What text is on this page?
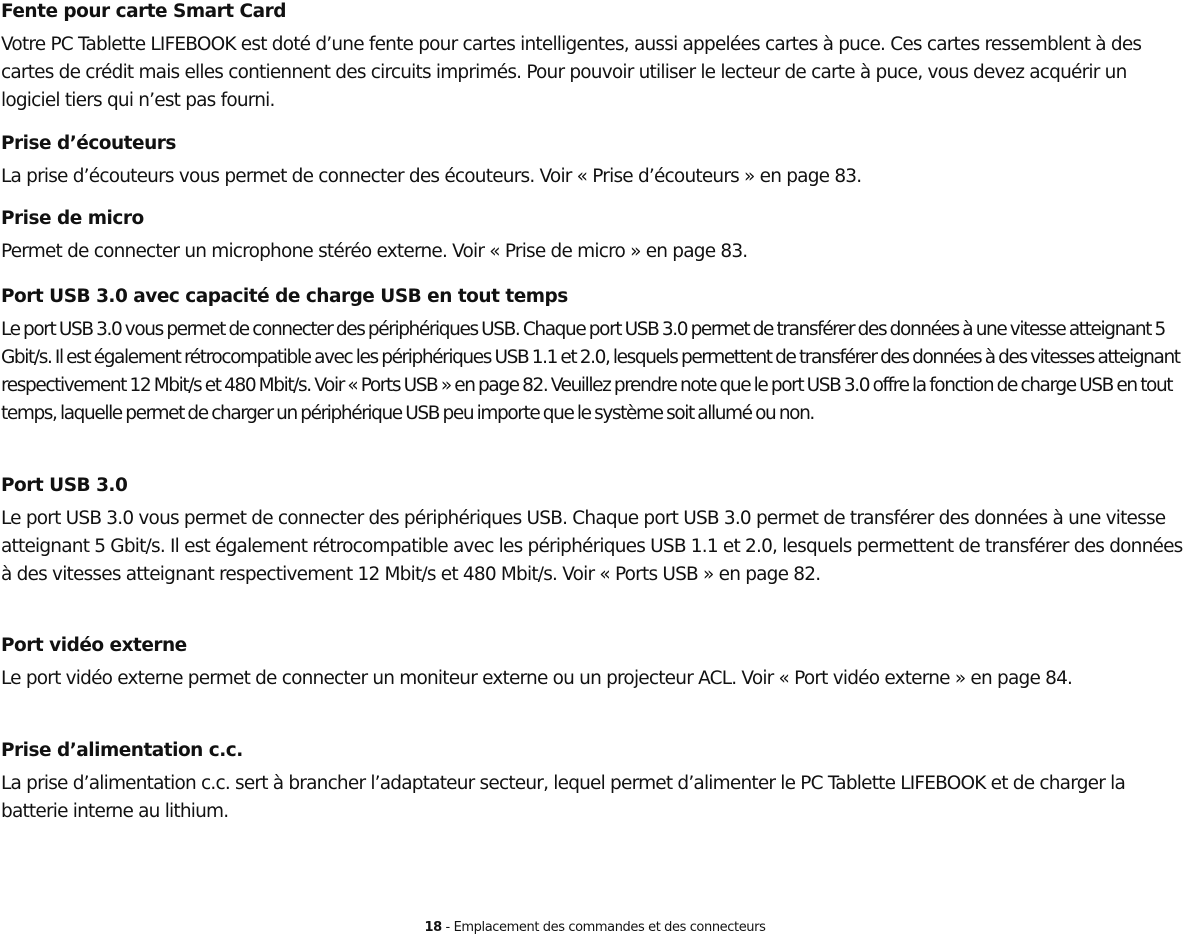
Fente pour carte Smart Card

Votre PC Tablette LIFEBOOK est doté d’une fente pour cartes intelligentes, aussi appelées cartes à puce. Ces cartes ressemblent à des cartes de crédit mais elles contiennent des circuits imprimés. Pour pouvoir utiliser le lecteur de carte à puce, vous devez acquérir un logiciel tiers qui n’est pas fourni.

Prise d’écouteurs

La prise d’écouteurs vous permet de connecter des écouteurs. Voir « Prise d’écouteurs » en page 83.

Prise de micro

Permet de connecter un microphone stéréo externe. Voir « Prise de micro » en page 83.

Port USB 3.0 avec capacité de charge USB en tout temps

Le port USB 3.0 vous permet de connecter des périphériques USB. Chaque port USB 3.0 permet de transférer des données à une vitesse atteignant 5 Gbit/s. Il est également rétrocompatible avec les périphériques USB 1.1 et 2.0, lesquels permettent de transférer des données à des vitesses atteignant respectivement 12 Mbit/s et 480 Mbit/s. Voir « Ports USB » en page 82. Veuillez prendre note que le port USB 3.0 offre la fonction de charge USB en tout temps, laquelle permet de charger un périphérique USB peu importe que le système soit allumé ou non.

Port USB 3.0

Le port USB 3.0 vous permet de connecter des périphériques USB. Chaque port USB 3.0 permet de transférer des données à une vitesse atteignant 5 Gbit/s. Il est également rétrocompatible avec les périphériques USB 1.1 et 2.0, lesquels permettent de transférer des données à des vitesses atteignant respectivement 12 Mbit/s et 480 Mbit/s. Voir « Ports USB » en page 82.

Port vidéo externe

Le port vidéo externe permet de connecter un moniteur externe ou un projecteur ACL. Voir « Port vidéo externe » en page 84.

Prise d’alimentation c.c.

La prise d’alimentation c.c. sert à brancher l’adaptateur secteur, lequel permet d’alimenter le PC Tablette LIFEBOOK et de charger la batterie interne au lithium.

18 - Emplacement des commandes et des connecteurs
